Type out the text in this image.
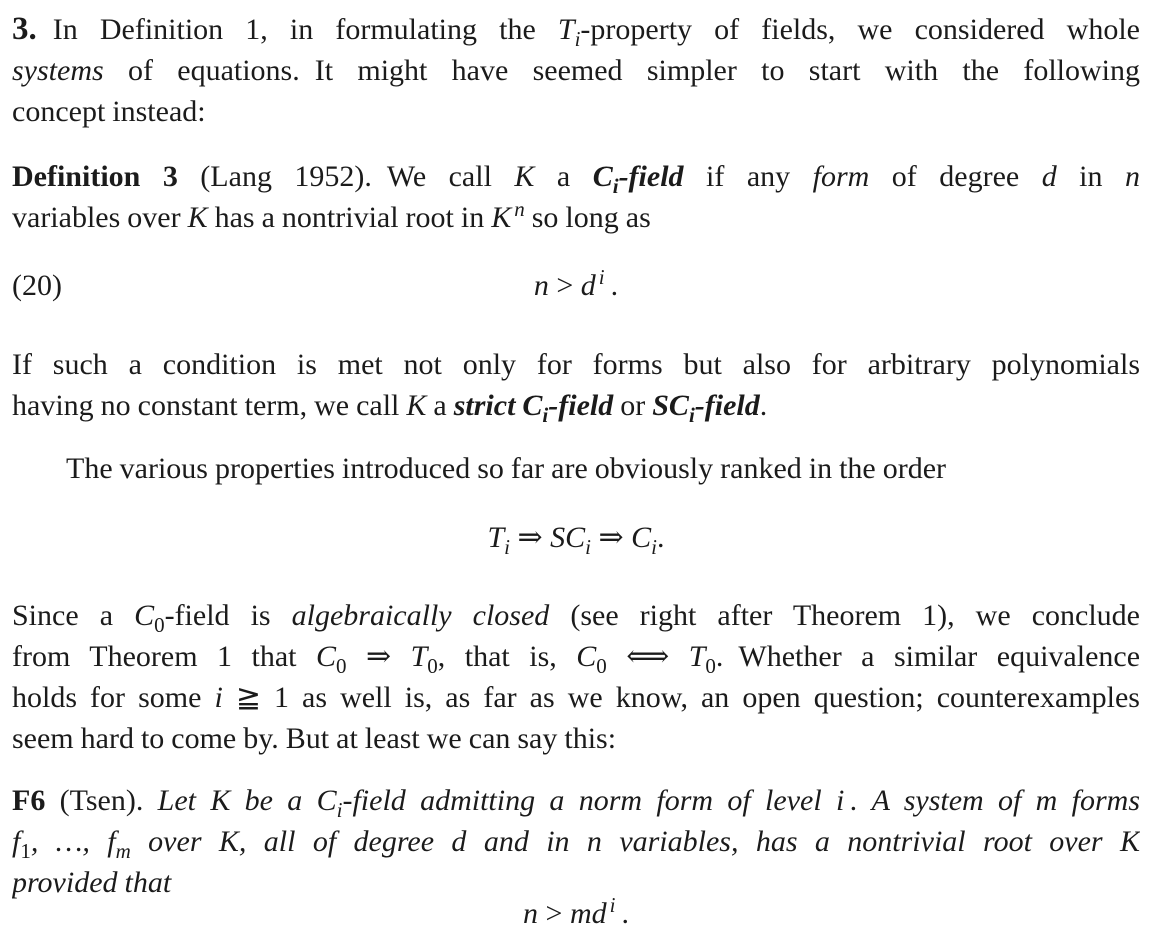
3. In Definition 1, in formulating the $T_i$-property of fields, we considered whole
systems of equations. It might have seemed simpler to start with the following
concept instead:
Definition 3 (Lang 1952). We call K a $C_i$-field if any form of degree d in n
variables over K has a nontrivial root in K $^n$ so long as
(20)	n > d $^i$ .
If such a condition is met not only for forms but also for arbitrary polynomials
having no constant term, we call K a strict $C_i$-field or $SC_i$-field.
The various properties introduced so far are obviously ranked in the order
$T_i$ ⇒ $SC_i$ ⇒ $C_i$.
Since a $C_0$-field is algebraically closed (see right after Theorem 1), we conclude
from Theorem 1 that $C_0$ ⇒ $T_0$, that is, $C_0$ ⟺ $T_0$. Whether a similar equivalence
holds for some i ≧ 1 as well is, as far as we know, an open question; counterexamples
seem hard to come by. But at least we can say this:
F6 (Tsen). Let K be a $C_i$-field admitting a norm form of level i . A system of m forms
$f_1$, …, $f_m$ over K, all of degree d and in n variables, has a nontrivial root over K
provided that
n > md $^i$ .
